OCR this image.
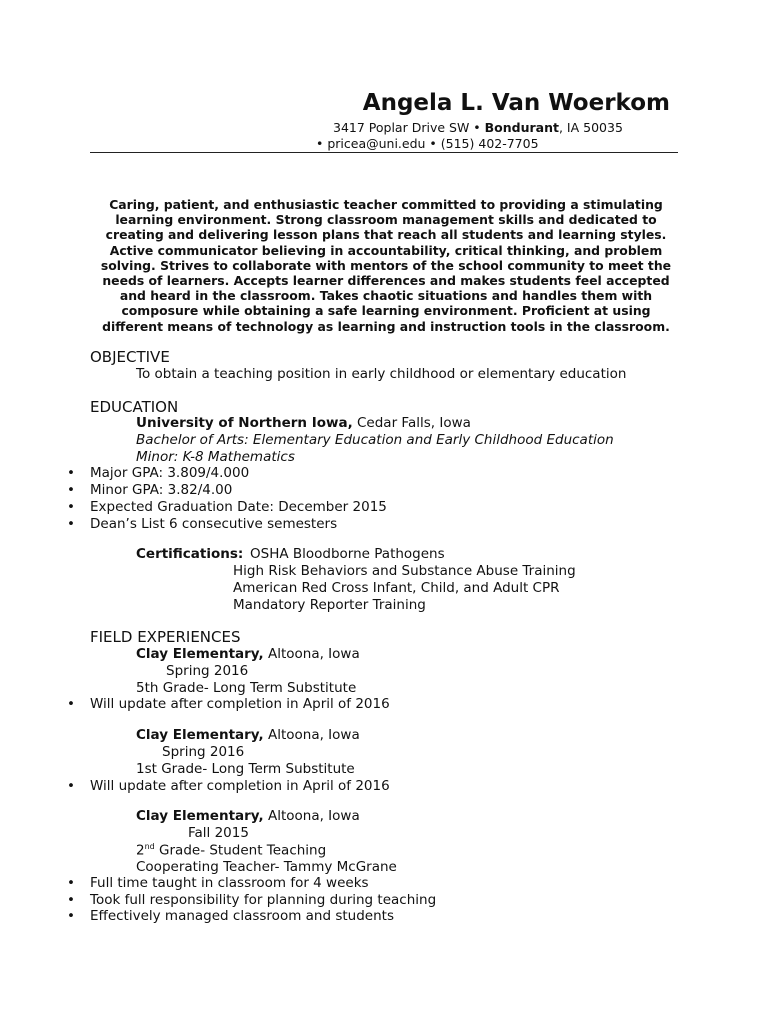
Angela L. Van Woerkom
3417 Poplar Drive SW • Bondurant, IA 50035
• pricea@uni.edu • (515) 402-7705
Caring, patient, and enthusiastic teacher committed to providing a stimulating learning environment. Strong classroom management skills and dedicated to creating and delivering lesson plans that reach all students and learning styles. Active communicator believing in accountability, critical thinking, and problem solving. Strives to collaborate with mentors of the school community to meet the needs of learners. Accepts learner differences and makes students feel accepted and heard in the classroom. Takes chaotic situations and handles them with composure while obtaining a safe learning environment. Proficient at using different means of technology as learning and instruction tools in the classroom.
OBJECTIVE
To obtain a teaching position in early childhood or elementary education
EDUCATION
University of Northern Iowa, Cedar Falls, Iowa
Bachelor of Arts: Elementary Education and Early Childhood Education
Minor: K-8 Mathematics
• Major GPA: 3.809/4.000
• Minor GPA: 3.82/4.00
• Expected Graduation Date: December 2015
• Dean’s List 6 consecutive semesters
Certifications: OSHA Bloodborne Pathogens
High Risk Behaviors and Substance Abuse Training
American Red Cross Infant, Child, and Adult CPR
Mandatory Reporter Training
FIELD EXPERIENCES
Clay Elementary, Altoona, Iowa
Spring 2016
5th Grade- Long Term Substitute
• Will update after completion in April of 2016
Clay Elementary, Altoona, Iowa
Spring 2016
1st Grade- Long Term Substitute
• Will update after completion in April of 2016
Clay Elementary, Altoona, Iowa
Fall 2015
2nd Grade- Student Teaching
Cooperating Teacher- Tammy McGrane
• Full time taught in classroom for 4 weeks
• Took full responsibility for planning during teaching
• Effectively managed classroom and students
